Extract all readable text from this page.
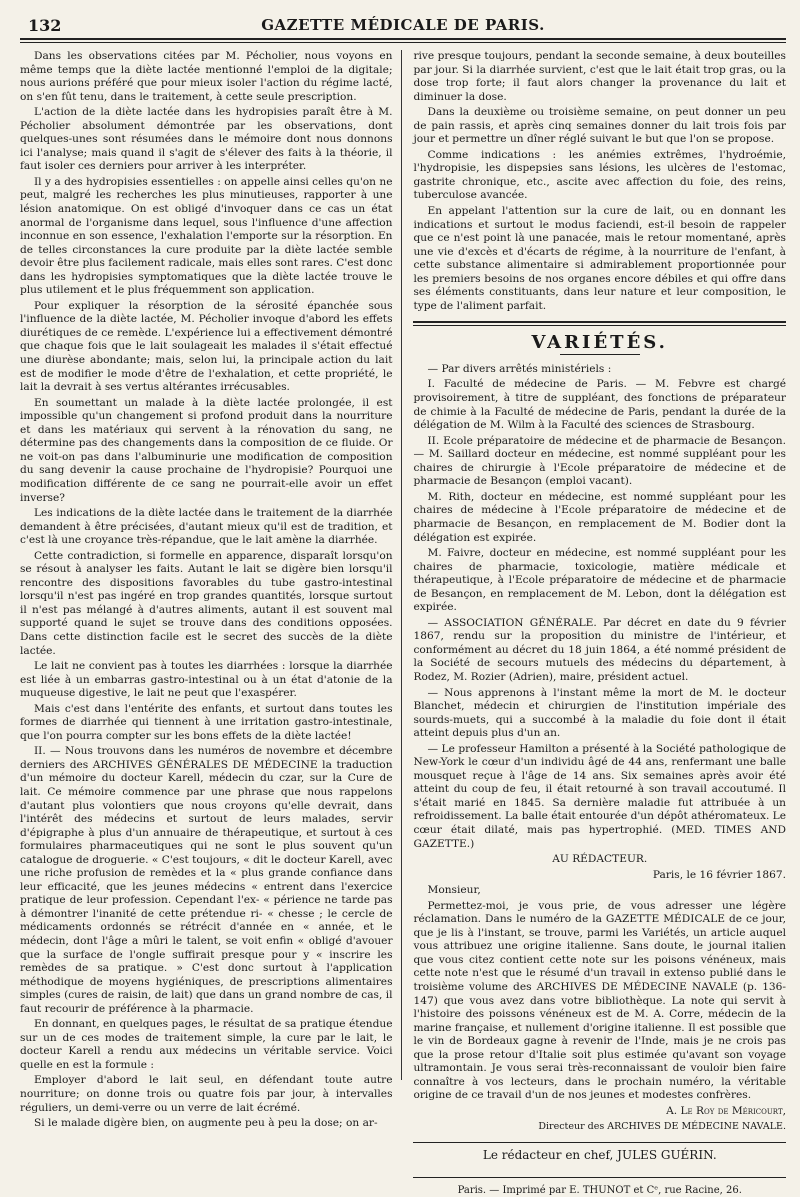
132	GAZETTE MÉDICALE DE PARIS.

Dans les observations citées par M. Pécholier, nous voyons en même temps que la diète lactée mentionné l'emploi de la digitale; nous aurions préféré que pour mieux isoler l'action du régime lacté, on s'en fût tenu, dans le traitement, à cette seule prescription.

L'action de la diète lactée dans les hydropisies paraît être à M. Pécholier absolument démontrée par les observations, dont quelques-unes sont résumées dans le mémoire dont nous donnons ici l'analyse; mais quand il s'agit de s'élever des faits à la théorie, il faut isoler ces derniers pour arriver à les interpréter.

Il y a des hydropisies essentielles : on appelle ainsi celles qu'on ne peut, malgré les recherches les plus minutieuses, rapporter à une lésion anatomique. On est obligé d'invoquer dans ce cas un état anormal de l'organisme dans lequel, sous l'influence d'une affection inconnue en son essence, l'exhalation l'emporte sur la résorption. En de telles circonstances la cure produite par la diète lactée semble devoir être plus facilement radicale, mais elles sont rares. C'est donc dans les hydropisies symptomatiques que la diète lactée trouve le plus utilement et le plus fréquemment son application.

Pour expliquer la résorption de la sérosité épanchée sous l'influence de la diète lactée, M. Pécholier invoque d'abord les effets diurétiques de ce remède. L'expérience lui a effectivement démontré que chaque fois que le lait soulageait les malades il s'était effectué une diurèse abondante; mais, selon lui, la principale action du lait est de modifier le mode d'être de l'exhalation, et cette propriété, le lait la devrait à ses vertus altérantes irrécusables.

En soumettant un malade à la diète lactée prolongée, il est impossible qu'un changement si profond produit dans la nourriture et dans les matériaux qui servent à la rénovation du sang, ne détermine pas des changements dans la composition de ce fluide. Or ne voit-on pas dans l'albuminurie une modification de composition du sang devenir la cause prochaine de l'hydropisie? Pourquoi une modification différente de ce sang ne pourrait-elle avoir un effet inverse?

Les indications de la diète lactée dans le traitement de la diarrhée demandent à être précisées, d'autant mieux qu'il est de tradition, et c'est là une croyance très-répandue, que le lait amène la diarrhée.

Cette contradiction, si formelle en apparence, disparaît lorsqu'on se résout à analyser les faits. Autant le lait se digère bien lorsqu'il rencontre des dispositions favorables du tube gastro-intestinal lorsqu'il n'est pas ingéré en trop grandes quantités, lorsque surtout il n'est pas mélangé à d'autres aliments, autant il est souvent mal supporté quand le sujet se trouve dans des conditions opposées. Dans cette distinction facile est le secret des succès de la diète lactée.

Le lait ne convient pas à toutes les diarrhées : lorsque la diarrhée est liée à un embarras gastro-intestinal ou à un état d'atonie de la muqueuse digestive, le lait ne peut que l'exaspérer.

Mais c'est dans l'entérite des enfants, et surtout dans toutes les formes de diarrhée qui tiennent à une irritation gastro-intestinale, que l'on pourra compter sur les bons effets de la diète lactée!

II. — Nous trouvons dans les numéros de novembre et décembre derniers des ARCHIVES GÉNÉRALES DE MÉDECINE la traduction d'un mémoire du docteur Karell, médecin du czar, sur la Cure de lait. Ce mémoire commence par une phrase que nous rappelons d'autant plus volontiers que nous croyons qu'elle devrait, dans l'intérêt des médecins et surtout de leurs malades, servir d'épigraphe à plus d'un annuaire de thérapeutique, et surtout à ces formulaires pharmaceutiques qui ne sont le plus souvent qu'un catalogue de droguerie. « C'est toujours, « dit le docteur Karell, avec une riche profusion de remèdes et la « plus grande confiance dans leur efficacité, que les jeunes médecins « entrent dans l'exercice pratique de leur profession. Cependant l'ex- « périence ne tarde pas à démontrer l'inanité de cette prétendue ri- « chesse ; le cercle de médicaments ordonnés se rétrécit d'année en « année, et le médecin, dont l'âge a mûri le talent, se voit enfin « obligé d'avouer que la surface de l'ongle suffirait presque pour y « inscrire les remèdes de sa pratique. » C'est donc surtout à l'application méthodique de moyens hygiéniques, de prescriptions alimentaires simples (cures de raisin, de lait) que dans un grand nombre de cas, il faut recourir de préférence à la pharmacie.

En donnant, en quelques pages, le résultat de sa pratique étendue sur un de ces modes de traitement simple, la cure par le lait, le docteur Karell a rendu aux médecins un véritable service. Voici quelle en est la formule :

Employer d'abord le lait seul, en défendant toute autre nourriture; on donne trois ou quatre fois par jour, à intervalles réguliers, un demi-verre ou un verre de lait écrémé.

Si le malade digère bien, on augmente peu à peu la dose; on ar-

rive presque toujours, pendant la seconde semaine, à deux bouteilles par jour. Si la diarrhée survient, c'est que le lait était trop gras, ou la dose trop forte; il faut alors changer la provenance du lait et diminuer la dose.

Dans la deuxième ou troisième semaine, on peut donner un peu de pain rassis, et après cinq semaines donner du lait trois fois par jour et permettre un dîner réglé suivant le but que l'on se propose.

Comme indications : les anémies extrêmes, l'hydroémie, l'hydropisie, les dispepsies sans lésions, les ulcères de l'estomac, gastrite chronique, etc., ascite avec affection du foie, des reins, tuberculose avancée.

En appelant l'attention sur la cure de lait, ou en donnant les indications et surtout le modus faciendi, est-il besoin de rappeler que ce n'est point là une panacée, mais le retour momentané, après une vie d'excès et d'écarts de régime, à la nourriture de l'enfant, à cette substance alimentaire si admirablement proportionnée pour les premiers besoins de nos organes encore débiles et qui offre dans ses éléments constituants, dans leur nature et leur composition, le type de l'aliment parfait.

VARIÉTÉS.

— Par divers arrêtés ministériels :

I. Faculté de médecine de Paris. — M. Febvre est chargé provisoirement, à titre de suppléant, des fonctions de préparateur de chimie à la Faculté de médecine de Paris, pendant la durée de la délégation de M. Wilm à la Faculté des sciences de Strasbourg.

II. Ecole préparatoire de médecine et de pharmacie de Besançon. — M. Saillard docteur en médecine, est nommé suppléant pour les chaires de chirurgie à l'Ecole préparatoire de médecine et de pharmacie de Besançon (emploi vacant).

M. Rith, docteur en médecine, est nommé suppléant pour les chaires de médecine à l'Ecole préparatoire de médecine et de pharmacie de Besançon, en remplacement de M. Bodier dont la délégation est expirée.

M. Faivre, docteur en médecine, est nommé suppléant pour les chaires de pharmacie, toxicologie, matière médicale et thérapeutique, à l'Ecole préparatoire de médecine et de pharmacie de Besançon, en remplacement de M. Lebon, dont la délégation est expirée.

— ASSOCIATION GÉNÉRALE. Par décret en date du 9 février 1867, rendu sur la proposition du ministre de l'intérieur, et conformément au décret du 18 juin 1864, a été nommé président de la Société de secours mutuels des médecins du département, à Rodez, M. Rozier (Adrien), maire, président actuel.

— Nous apprenons à l'instant même la mort de M. le docteur Blanchet, médecin et chirurgien de l'institution impériale des sourds-muets, qui a succombé à la maladie du foie dont il était atteint depuis plus d'un an.

— Le professeur Hamilton a présenté à la Société pathologique de New-York le cœur d'un individu âgé de 44 ans, renfermant une balle mousquet reçue à l'âge de 14 ans. Six semaines après avoir été atteint du coup de feu, il était retourné à son travail accoutumé. Il s'était marié en 1845. Sa dernière maladie fut attribuée à un refroidissement. La balle était entourée d'un dépôt athéromateux. Le cœur était dilaté, mais pas hypertrophié. (MED. TIMES AND GAZETTE.)

AU RÉDACTEUR.

Paris, le 16 février 1867.

Monsieur,

Permettez-moi, je vous prie, de vous adresser une légère réclamation. Dans le numéro de la GAZETTE MÉDICALE de ce jour, que je lis à l'instant, se trouve, parmi les Variétés, un article auquel vous attribuez une origine italienne. Sans doute, le journal italien que vous citez contient cette note sur les poisons vénéneux, mais cette note n'est que le résumé d'un travail in extenso publié dans le troisième volume des ARCHIVES DE MÉDECINE NAVALE (p. 136-147) que vous avez dans votre bibliothèque. La note qui servit à l'histoire des poissons vénéneux est de M. A. Corre, médecin de la marine française, et nullement d'origine italienne. Il est possible que le vin de Bordeaux gagne à revenir de l'Inde, mais je ne crois pas que la prose retour d'Italie soit plus estimée qu'avant son voyage ultramontain. Je vous serai très-reconnaissant de vouloir bien faire connaître à vos lecteurs, dans le prochain numéro, la véritable origine de ce travail d'un de nos jeunes et modestes confrères.

A. Le Roy de Méricourt,

Directeur des ARCHIVES DE MÉDECINE NAVALE.

Le rédacteur en chef, JULES GUÉRIN.
Paris. — Imprimé par E. THUNOT et Cᵉ, rue Racine, 26.
